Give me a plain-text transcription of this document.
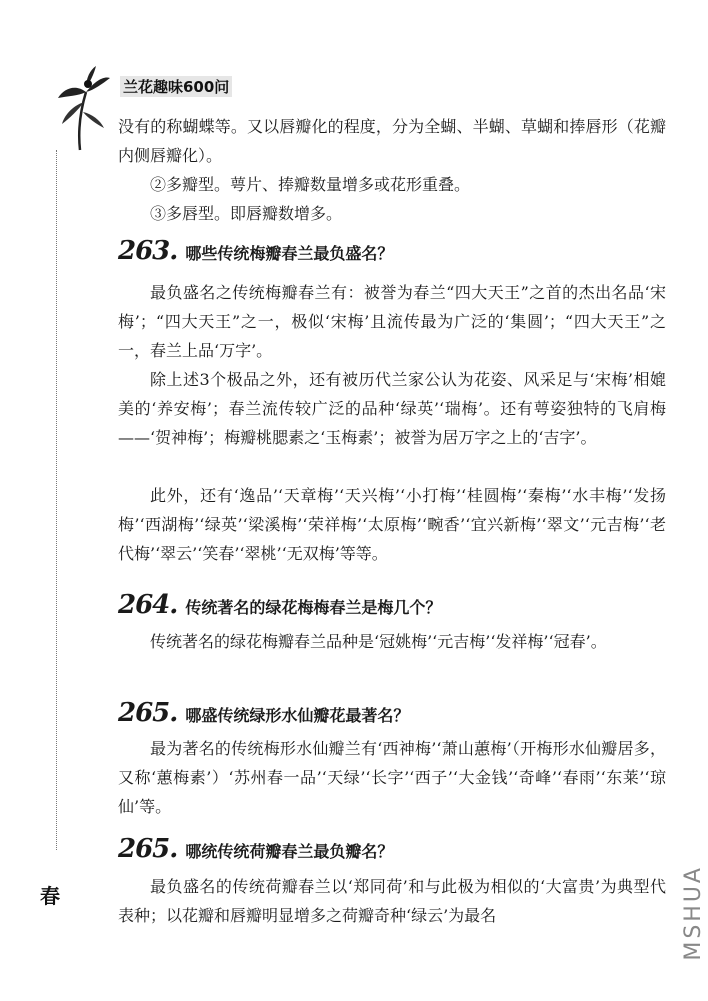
兰花趣味600问
没有的称蝴蝶等。又以唇瓣化的程度，分为全蝴、半蝴、草蝴和捧唇形（花瓣内侧唇瓣化）。
②多瓣型。萼片、捧瓣数量增多或花形重叠。
③多唇型。即唇瓣数增多。
263. 哪些传统梅瓣春兰最负盛名？
最负盛名之传统梅瓣春兰有：被誉为春兰“四大天王”之首的杰出名品‘宋梅’；“四大天王”之一，极似‘宋梅’且流传最为广泛的‘集圆’；“四大天王”之一，春兰上品‘万字’。
除上述3个极品之外，还有被历代兰家公认为花姿、风采足与‘宋梅’相媲美的‘养安梅’；春兰流传较广泛的品种‘绿英’‘瑞梅’。还有萼姿独特的飞肩梅——‘贺神梅’；梅瓣桃腮素之‘玉梅素’；被誉为居万字之上的‘吉字’。
此外，还有‘逸品’‘天章梅’‘天兴梅’‘小打梅’‘桂圆梅’‘秦梅’‘水丰梅’‘发扬梅’‘西湖梅’‘绿英’‘梁溪梅’‘荣祥梅’‘太原梅’‘畹香’‘宜兴新梅’‘翠文’‘元吉梅’‘老代梅’‘翠云’‘笑春’‘翠桃’‘无双梅’等等。
264. 传统著名的绿花梅梅春兰是梅几个？
传统著名的绿花梅瓣春兰品种是‘冠姚梅’‘元吉梅’‘发祥梅’‘冠春’。
265. 哪盛传统绿形水仙瓣花最著名？
最为著名的传统梅形水仙瓣兰有‘西神梅’‘萧山蕙梅’（开梅形水仙瓣居多，又称‘蕙梅素’）‘苏州春一品’‘天绿’‘长字’‘西子’‘大金钱’‘奇峰’‘春雨’‘东莱’‘琼仙’等。
265. 哪统传统荷瓣春兰最负瓣名？
最负盛名的传统荷瓣春兰以‘郑同荷’和与此极为相似的‘大富贵’为典型代表种；以花瓣和唇瓣明显增多之荷瓣奇种‘绿云’为最名
春	MSHUA
